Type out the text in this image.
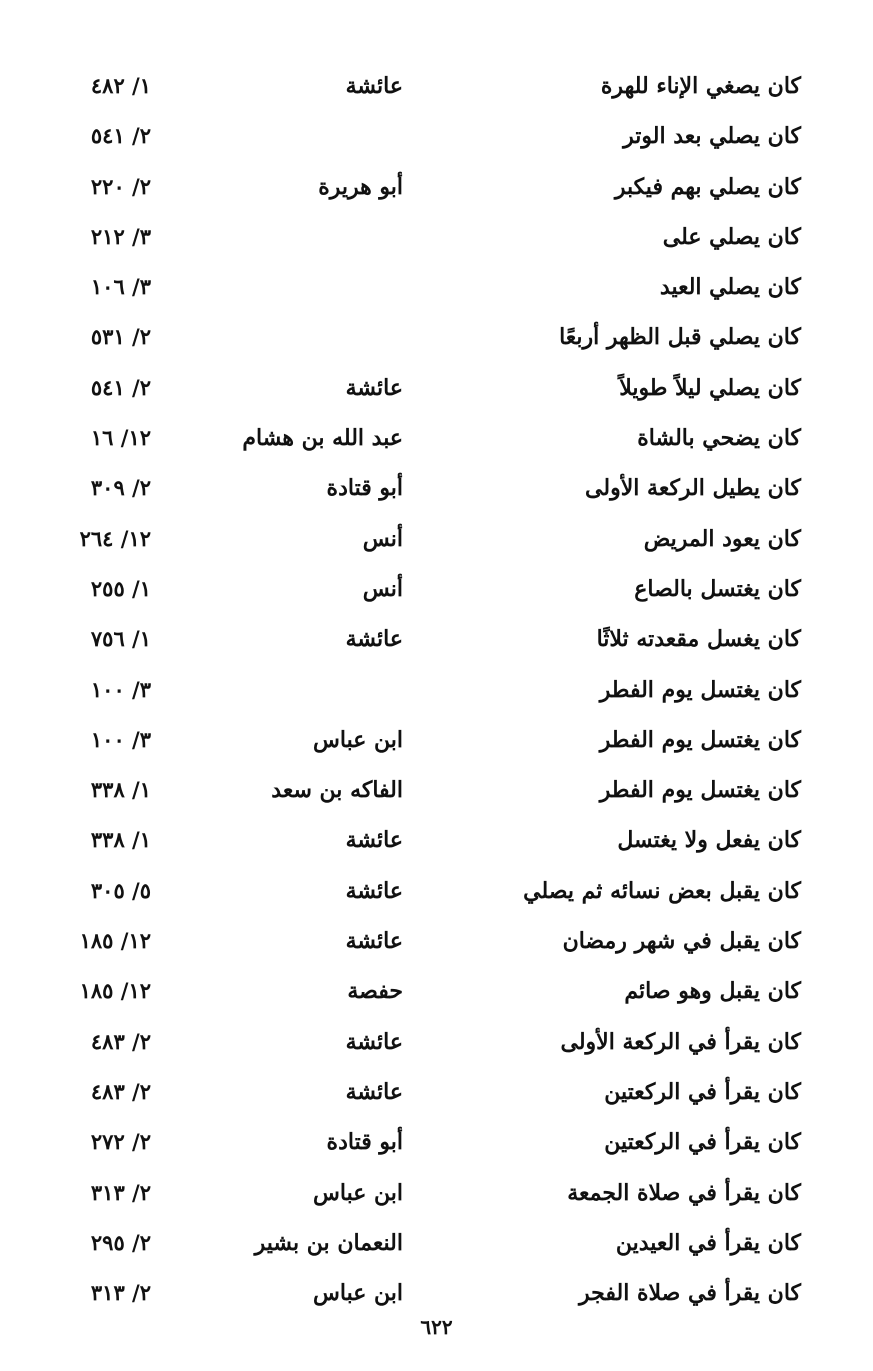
كان يصغي الإناء للهرة
عائشة
١/ ٤٨٢
كان يصلي بعد الوتر
٢/ ٥٤١
كان يصلي بهم فيكبر
أبو هريرة
٢/ ٢٢٠
كان يصلي على
٣/ ٢١٢
كان يصلي العيد
٣/ ١٠٦
كان يصلي قبل الظهر أربعًا
٢/ ٥٣١
كان يصلي ليلاً طويلاً
عائشة
٢/ ٥٤١
كان يضحي بالشاة
عبد الله بن هشام
١٢/ ١٦
كان يطيل الركعة الأولى
أبو قتادة
٢/ ٣٠٩
كان يعود المريض
أنس
١٢/ ٢٦٤
كان يغتسل بالصاع
أنس
١/ ٢٥٥
كان يغسل مقعدته ثلاثًا
عائشة
١/ ٧٥٦
كان يغتسل يوم الفطر
٣/ ١٠٠
كان يغتسل يوم الفطر
ابن عباس
٣/ ١٠٠
كان يغتسل يوم الفطر
الفاكه بن سعد
١/ ٣٣٨
كان يفعل ولا يغتسل
عائشة
١/ ٣٣٨
كان يقبل بعض نسائه ثم يصلي
عائشة
٥/ ٣٠٥
كان يقبل في شهر رمضان
عائشة
١٢/ ١٨٥
كان يقبل وهو صائم
حفصة
١٢/ ١٨٥
كان يقرأ في الركعة الأولى
عائشة
٢/ ٤٨٣
كان يقرأ في الركعتين
عائشة
٢/ ٤٨٣
كان يقرأ في الركعتين
أبو قتادة
٢/ ٢٧٢
كان يقرأ في صلاة الجمعة
ابن عباس
٢/ ٣١٣
كان يقرأ في العيدين
النعمان بن بشير
٢/ ٢٩٥
كان يقرأ في صلاة الفجر
ابن عباس
٢/ ٣١٣
٦٢٢
